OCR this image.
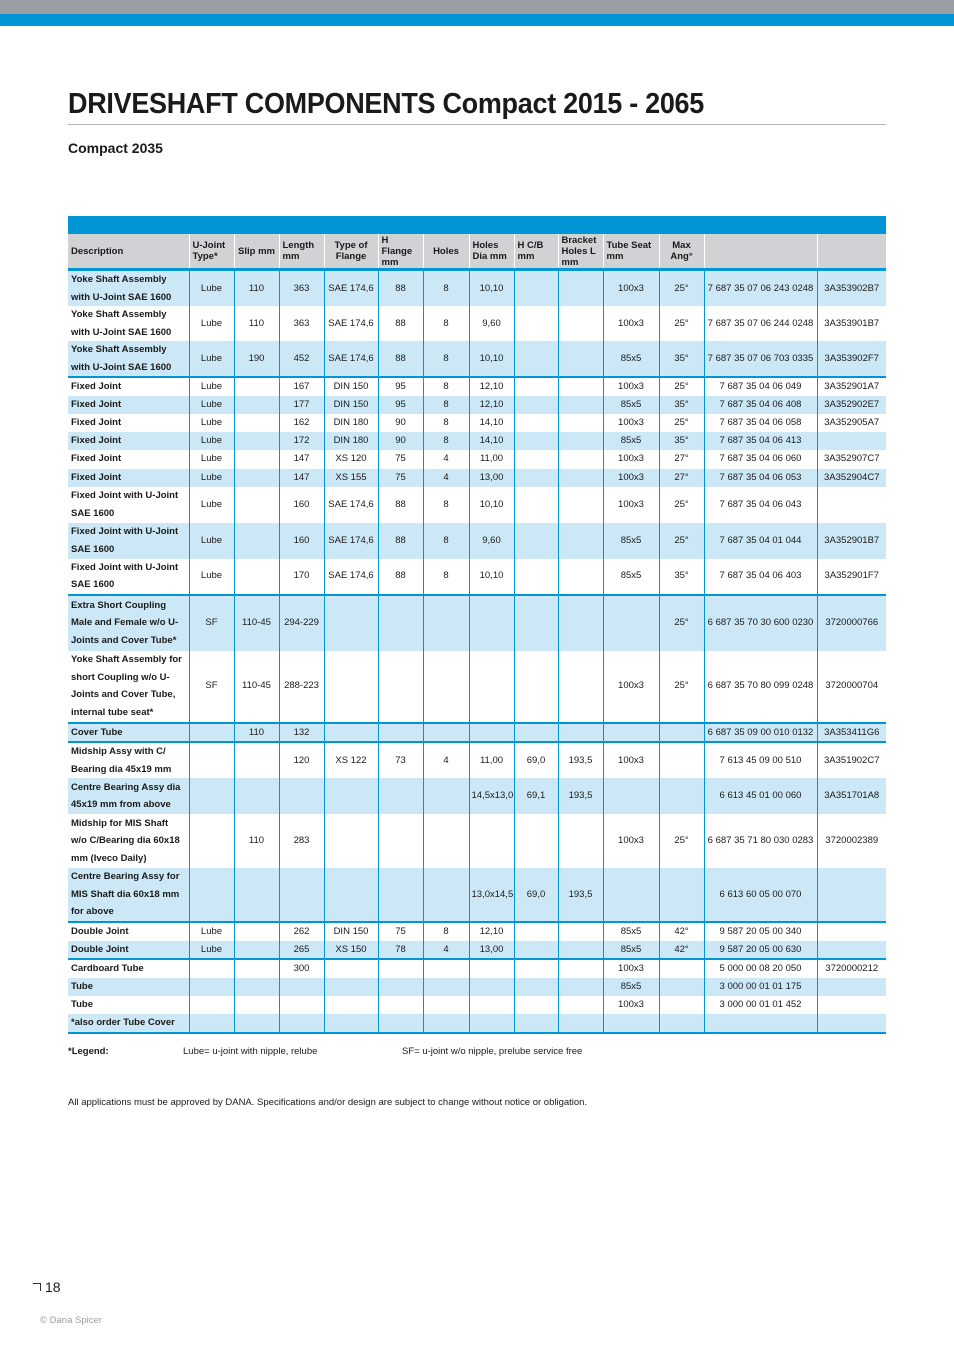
DRIVESHAFT COMPONENTS Compact 2015 - 2065
Compact 2035
Description	U-Joint Type*	Slip mm	Length mm	Type of Flange	H Flange mm	Holes	Holes Dia mm	H C/B mm	Bracket Holes L mm	Tube Seat mm	Max Ang°		
Yoke Shaft Assembly with U-Joint SAE 1600	Lube	110	363	SAE 174,6	88	8	10,10			100x3	25°	7 687 35 07 06 243 0248	3A353902B7
Yoke Shaft Assembly with U-Joint SAE 1600	Lube	110	363	SAE 174,6	88	8	9,60			100x3	25°	7 687 35 07 06 244 0248	3A353901B7
Yoke Shaft Assembly with U-Joint SAE 1600	Lube	190	452	SAE 174,6	88	8	10,10			85x5	35°	7 687 35 07 06 703 0335	3A353902F7
Fixed Joint	Lube		167	DIN 150	95	8	12,10			100x3	25°	7 687 35 04 06 049	3A352901A7
Fixed Joint	Lube		177	DIN 150	95	8	12,10			85x5	35°	7 687 35 04 06 408	3A352902E7
Fixed Joint	Lube		162	DIN 180	90	8	14,10			100x3	25°	7 687 35 04 06 058	3A352905A7
Fixed Joint	Lube		172	DIN 180	90	8	14,10			85x5	35°	7 687 35 04 06 413	
Fixed Joint	Lube		147	XS 120	75	4	11,00			100x3	27°	7 687 35 04 06 060	3A352907C7
Fixed Joint	Lube		147	XS 155	75	4	13,00			100x3	27°	7 687 35 04 06 053	3A352904C7
Fixed Joint with U-Joint SAE 1600	Lube		160	SAE 174,6	88	8	10,10			100x3	25°	7 687 35 04 06 043	
Fixed Joint with U-Joint SAE 1600	Lube		160	SAE 174,6	88	8	9,60			85x5	25°	7 687 35 04 01 044	3A352901B7
Fixed Joint with U-Joint SAE 1600	Lube		170	SAE 174,6	88	8	10,10			85x5	35°	7 687 35 04 06 403	3A352901F7
Extra Short Coupling Male and Female w/o U-Joints and Cover Tube*	SF	110-45	294-229								25°	6 687 35 70 30 600 0230	3720000766
Yoke Shaft Assembly for short Coupling w/o U-Joints and Cover Tube, internal tube seat*	SF	110-45	288-223							100x3	25°	6 687 35 70 80 099 0248	3720000704
Cover Tube		110	132									6 687 35 09 00 010 0132	3A353411G6
Midship Assy with C/ Bearing dia 45x19 mm			120	XS 122	73	4	11,00	69,0	193,5	100x3		7 613 45 09 00 510	3A351902C7
Centre Bearing Assy dia 45x19 mm from above							14,5x13,0	69,1	193,5			6 613 45 01 00 060	3A351701A8
Midship for MIS Shaft w/o C/Bearing dia 60x18 mm (Iveco Daily)		110	283							100x3	25°	6 687 35 71 80 030 0283	3720002389
Centre Bearing Assy for MIS Shaft dia 60x18 mm for above							13,0x14,5	69,0	193,5			6 613 60 05 00 070	
Double Joint	Lube		262	DIN 150	75	8	12,10			85x5	42°	9 587 20 05 00 340	
Double Joint	Lube		265	XS 150	78	4	13,00			85x5	42°	9 587 20 05 00 630	
Cardboard Tube			300							100x3		5 000 00 08 20 050	3720000212
Tube										85x5		3 000 00 01 01 175	
Tube										100x3		3 000 00 01 01 452	
*also order Tube Cover													
*Legend:	Lube= u-joint with nipple, relube	SF= u-joint w/o nipple, prelube service free
All applications must be approved by DANA. Specifications and/or design are subject to change without notice or obligation.
18
© Dana Spicer
